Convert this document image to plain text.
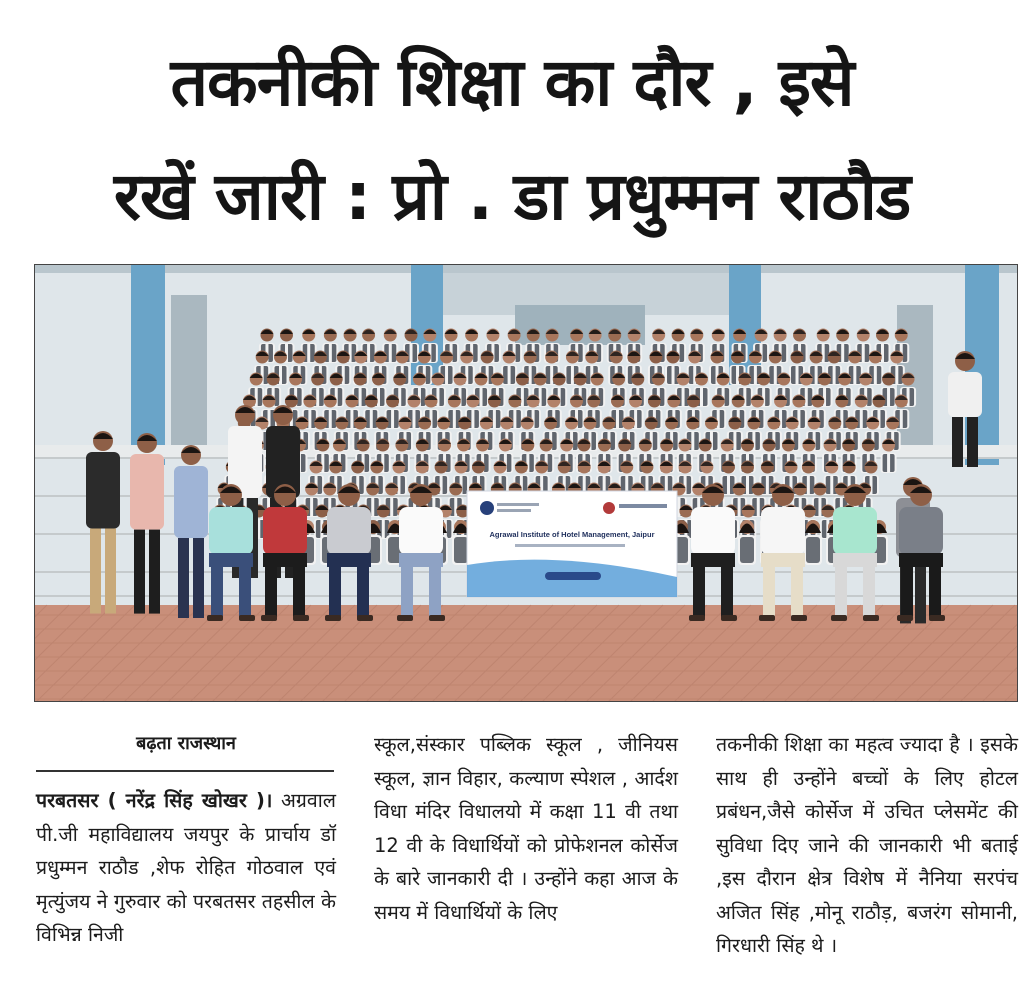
तकनीकी शिक्षा का दौर , इसे
रखें जारी : प्रो . डा प्रधुम्मन राठौड
Agrawal Institute of Hotel Management, Jaipur
बढ़ता राजस्थान

परबतसर ( नरेंद्र सिंह खोखर )। अग्रवाल पी.जी महाविद्यालय जयपुर के प्रार्चाय डॉ प्रधुम्मन राठौड ,शेफ रोहित गोठवाल एवं मृत्युंजय ने गुरुवार को परबतसर तहसील के विभिन्न निजी

स्कूल,संस्कार पब्लिक स्कूल , जीनियस स्कूल, ज्ञान विहार, कल्याण स्पेशल , आर्दश विधा मंदिर विधालयो में कक्षा 11 वी तथा 12 वी के विधार्थियों को प्रोफेशनल कोर्सेज के बारे जानकारी दी । उन्होंने कहा आज के समय में विधार्थियों के लिए

तकनीकी शिक्षा का महत्व ज्यादा है । इसके साथ ही उन्होंने बच्चों के लिए होटल प्रबंधन,जैसे कोर्सेज में उचित प्लेसमेंट की सुविधा दिए जाने की जानकारी भी बताई ,इस दौरान क्षेत्र विशेष में नैनिया सरपंच अजित सिंह ,मोनू राठौड़, बजरंग सोमानी, गिरधारी सिंह थे ।
